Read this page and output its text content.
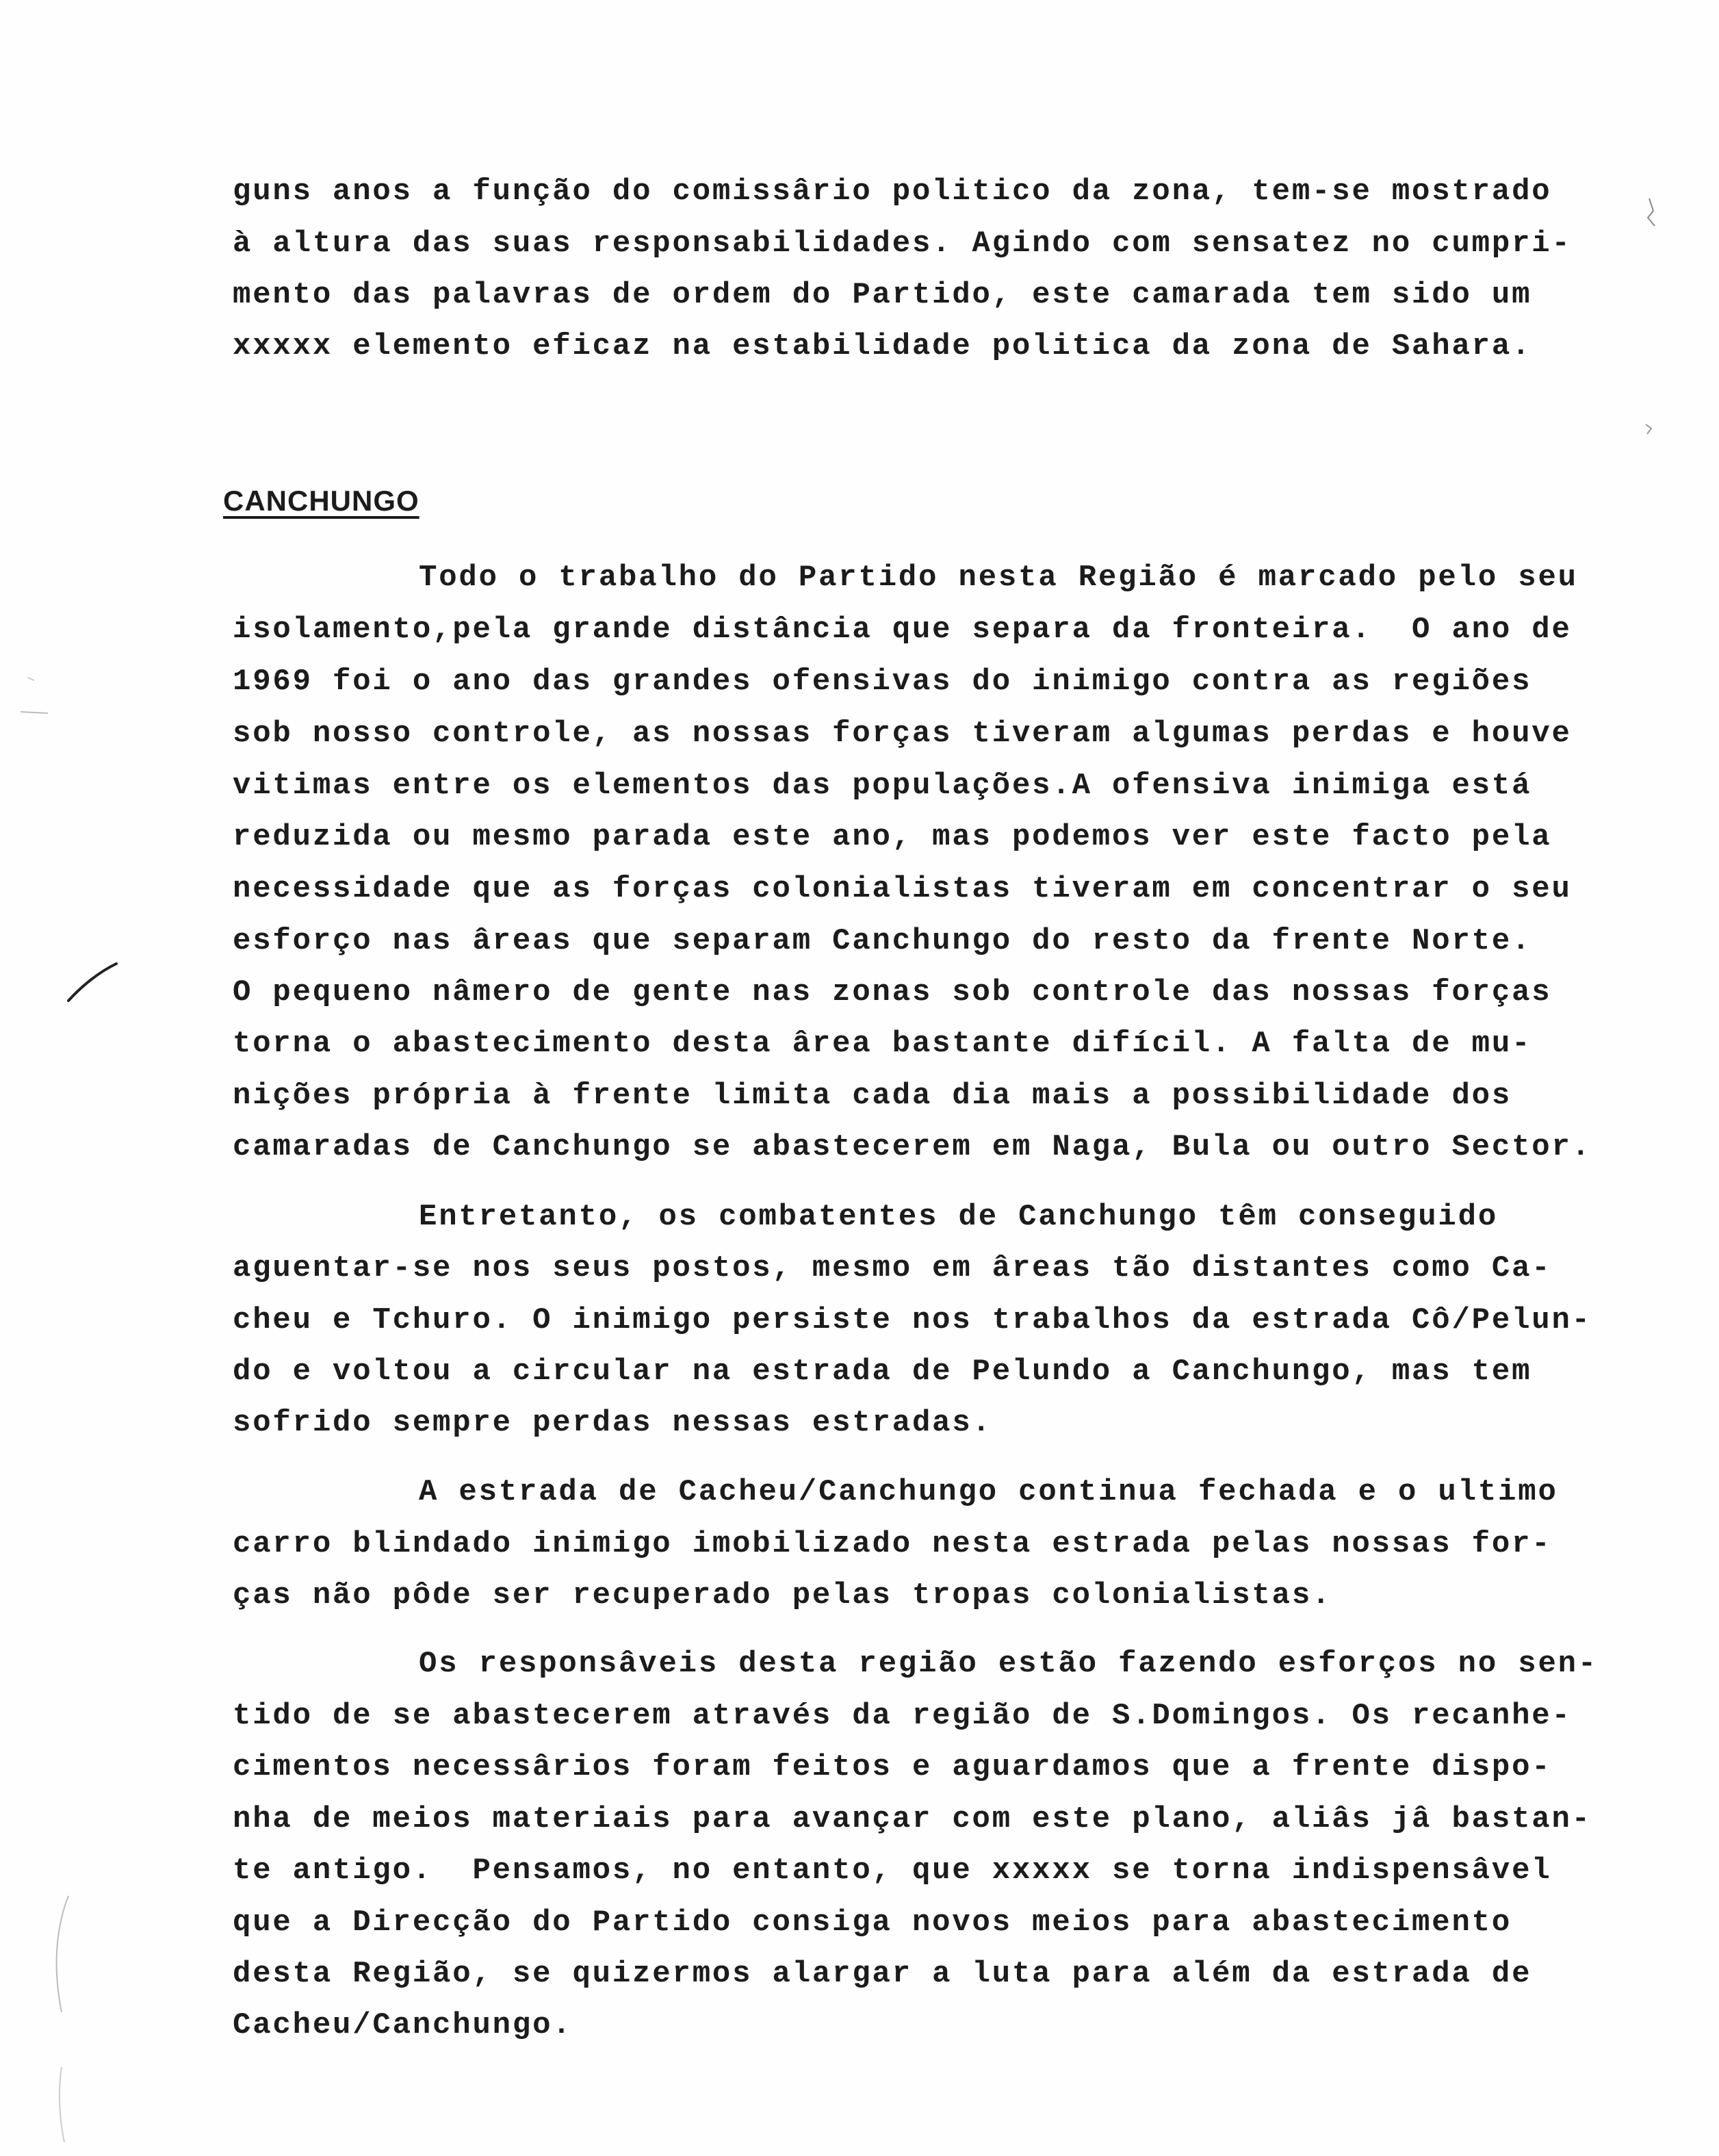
guns anos a função do comissârio politico da zona, tem-se mostrado
à altura das suas responsabilidades. Agindo com sensatez no cumpri-
mento das palavras de ordem do Partido, este camarada tem sido um
xxxxx elemento eficaz na estabilidade politica da zona de Sahara.
CANCHUNGO
Todo o trabalho do Partido nesta Região é marcado pelo seu
isolamento,pela grande distância que separa da fronteira.  O ano de
1969 foi o ano das grandes ofensivas do inimigo contra as regiões
sob nosso controle, as nossas forças tiveram algumas perdas e houve
vitimas entre os elementos das populações.A ofensiva inimiga está
reduzida ou mesmo parada este ano, mas podemos ver este facto pela
necessidade que as forças colonialistas tiveram em concentrar o seu
esforço nas âreas que separam Canchungo do resto da frente Norte.
O pequeno nâmero de gente nas zonas sob controle das nossas forças
torna o abastecimento desta ârea bastante difícil. A falta de mu-
nições própria à frente limita cada dia mais a possibilidade dos
camaradas de Canchungo se abastecerem em Naga, Bula ou outro Sector.
Entretanto, os combatentes de Canchungo têm conseguido
aguentar-se nos seus postos, mesmo em âreas tão distantes como Ca-
cheu e Tchuro. O inimigo persiste nos trabalhos da estrada Cô/Pelun-
do e voltou a circular na estrada de Pelundo a Canchungo, mas tem
sofrido sempre perdas nessas estradas.
A estrada de Cacheu/Canchungo continua fechada e o ultimo
carro blindado inimigo imobilizado nesta estrada pelas nossas for-
ças não pôde ser recuperado pelas tropas colonialistas.
Os responsâveis desta região estão fazendo esforços no sen-
tido de se abastecerem através da região de S.Domingos. Os recanhe-
cimentos necessârios foram feitos e aguardamos que a frente dispo-
nha de meios materiais para avançar com este plano, aliâs jâ bastan-
te antigo.  Pensamos, no entanto, que xxxxx se torna indispensâvel
que a Direcção do Partido consiga novos meios para abastecimento
desta Região, se quizermos alargar a luta para além da estrada de
Cacheu/Canchungo.
